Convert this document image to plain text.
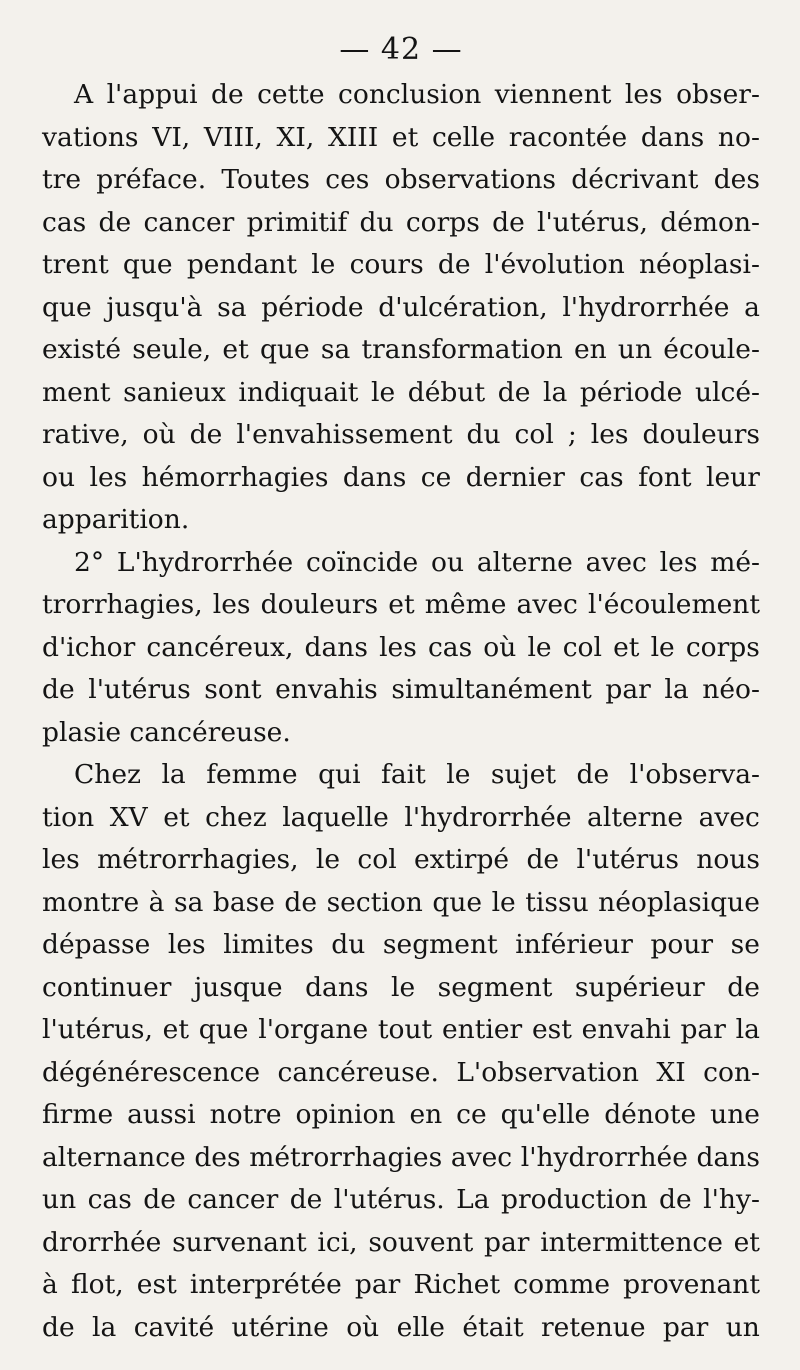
— 42 —
A l'appui de cette conclusion viennent les obser-
vations VI, VIII, XI, XIII et celle racontée dans no-
tre préface. Toutes ces observations décrivant des
cas de cancer primitif du corps de l'utérus, démon-
trent que pendant le cours de l'évolution néoplasi-
que jusqu'à sa période d'ulcération, l'hydrorrhée a
existé seule, et que sa transformation en un écoule-
ment sanieux indiquait le début de la période ulcé-
rative, où de l'envahissement du col ; les douleurs
ou les hémorrhagies dans ce dernier cas font leur
apparition.
2° L'hydrorrhée coïncide ou alterne avec les mé-
trorrhagies, les douleurs et même avec l'écoulement
d'ichor cancéreux, dans les cas où le col et le corps
de l'utérus sont envahis simultanément par la néo-
plasie cancéreuse.
Chez la femme qui fait le sujet de l'observa-
tion XV et chez laquelle l'hydrorrhée alterne avec
les métrorrhagies, le col extirpé de l'utérus nous
montre à sa base de section que le tissu néoplasique
dépasse les limites du segment inférieur pour se
continuer jusque dans le segment supérieur de
l'utérus, et que l'organe tout entier est envahi par la
dégénérescence cancéreuse. L'observation XI con-
firme aussi notre opinion en ce qu'elle dénote une
alternance des métrorrhagies avec l'hydrorrhée dans
un cas de cancer de l'utérus. La production de l'hy-
drorrhée survenant ici, souvent par intermittence et
à flot, est interprétée par Richet comme provenant
de la cavité utérine où elle était retenue par un
